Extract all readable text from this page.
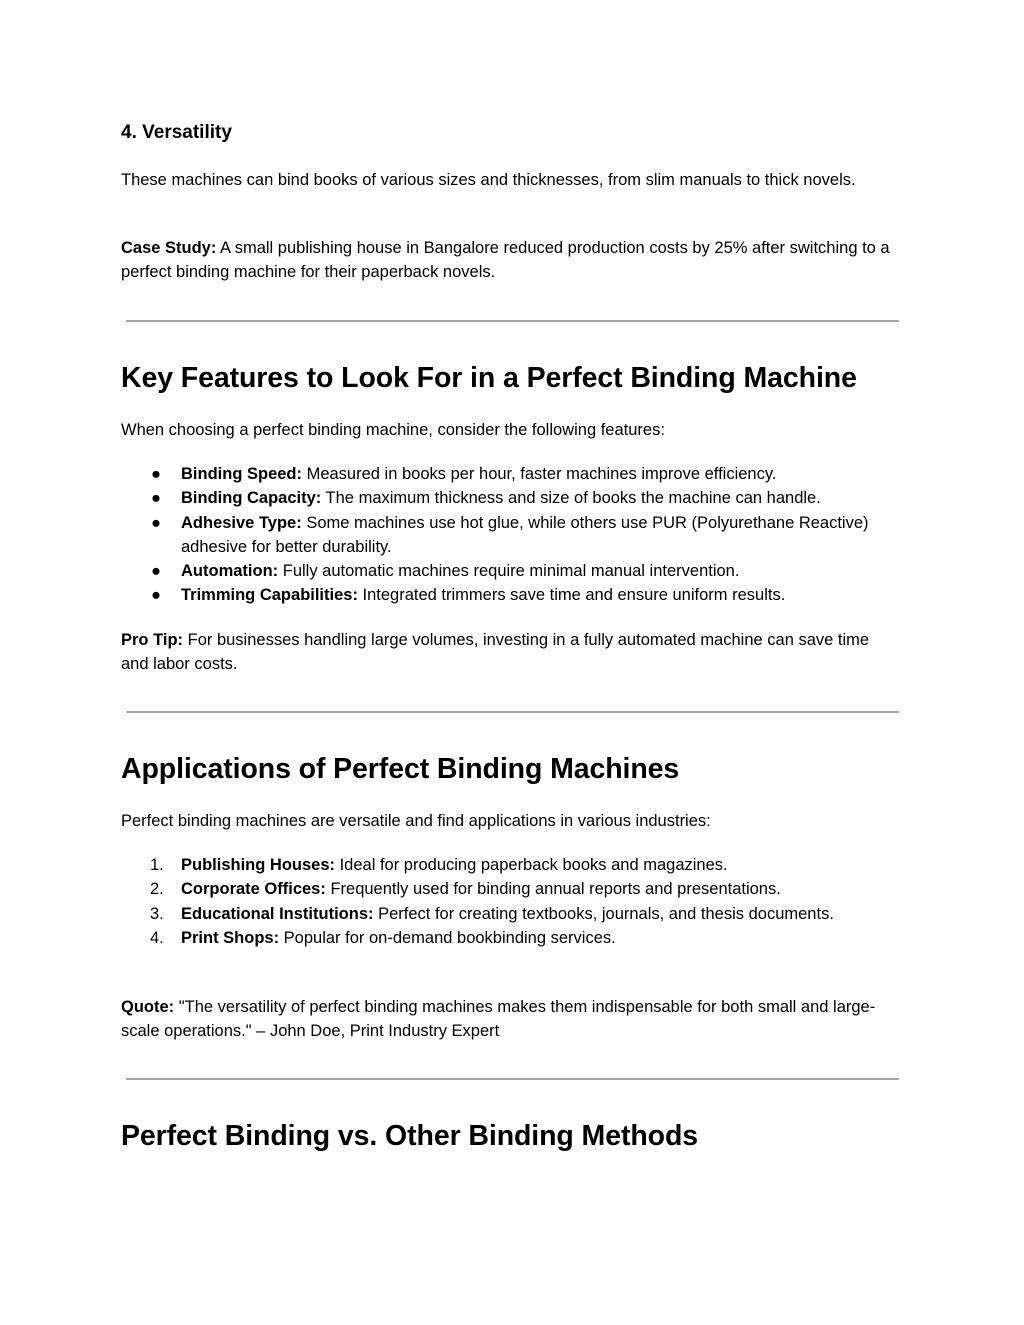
4. Versatility

These machines can bind books of various sizes and thicknesses, from slim manuals to thick novels.

Case Study: A small publishing house in Bangalore reduced production costs by 25% after switching to a perfect binding machine for their paperback novels.

Key Features to Look For in a Perfect Binding Machine

When choosing a perfect binding machine, consider the following features:

●	Binding Speed: Measured in books per hour, faster machines improve efficiency.
●	Binding Capacity: The maximum thickness and size of books the machine can handle.
●	Adhesive Type: Some machines use hot glue, while others use PUR (Polyurethane Reactive) adhesive for better durability.
●	Automation: Fully automatic machines require minimal manual intervention.
●	Trimming Capabilities: Integrated trimmers save time and ensure uniform results.

Pro Tip: For businesses handling large volumes, investing in a fully automated machine can save time and labor costs.

Applications of Perfect Binding Machines

Perfect binding machines are versatile and find applications in various industries:

1.	Publishing Houses: Ideal for producing paperback books and magazines.
2.	Corporate Offices: Frequently used for binding annual reports and presentations.
3.	Educational Institutions: Perfect for creating textbooks, journals, and thesis documents.
4.	Print Shops: Popular for on-demand bookbinding services.

Quote: "The versatility of perfect binding machines makes them indispensable for both small and large-scale operations." – John Doe, Print Industry Expert

Perfect Binding vs. Other Binding Methods
